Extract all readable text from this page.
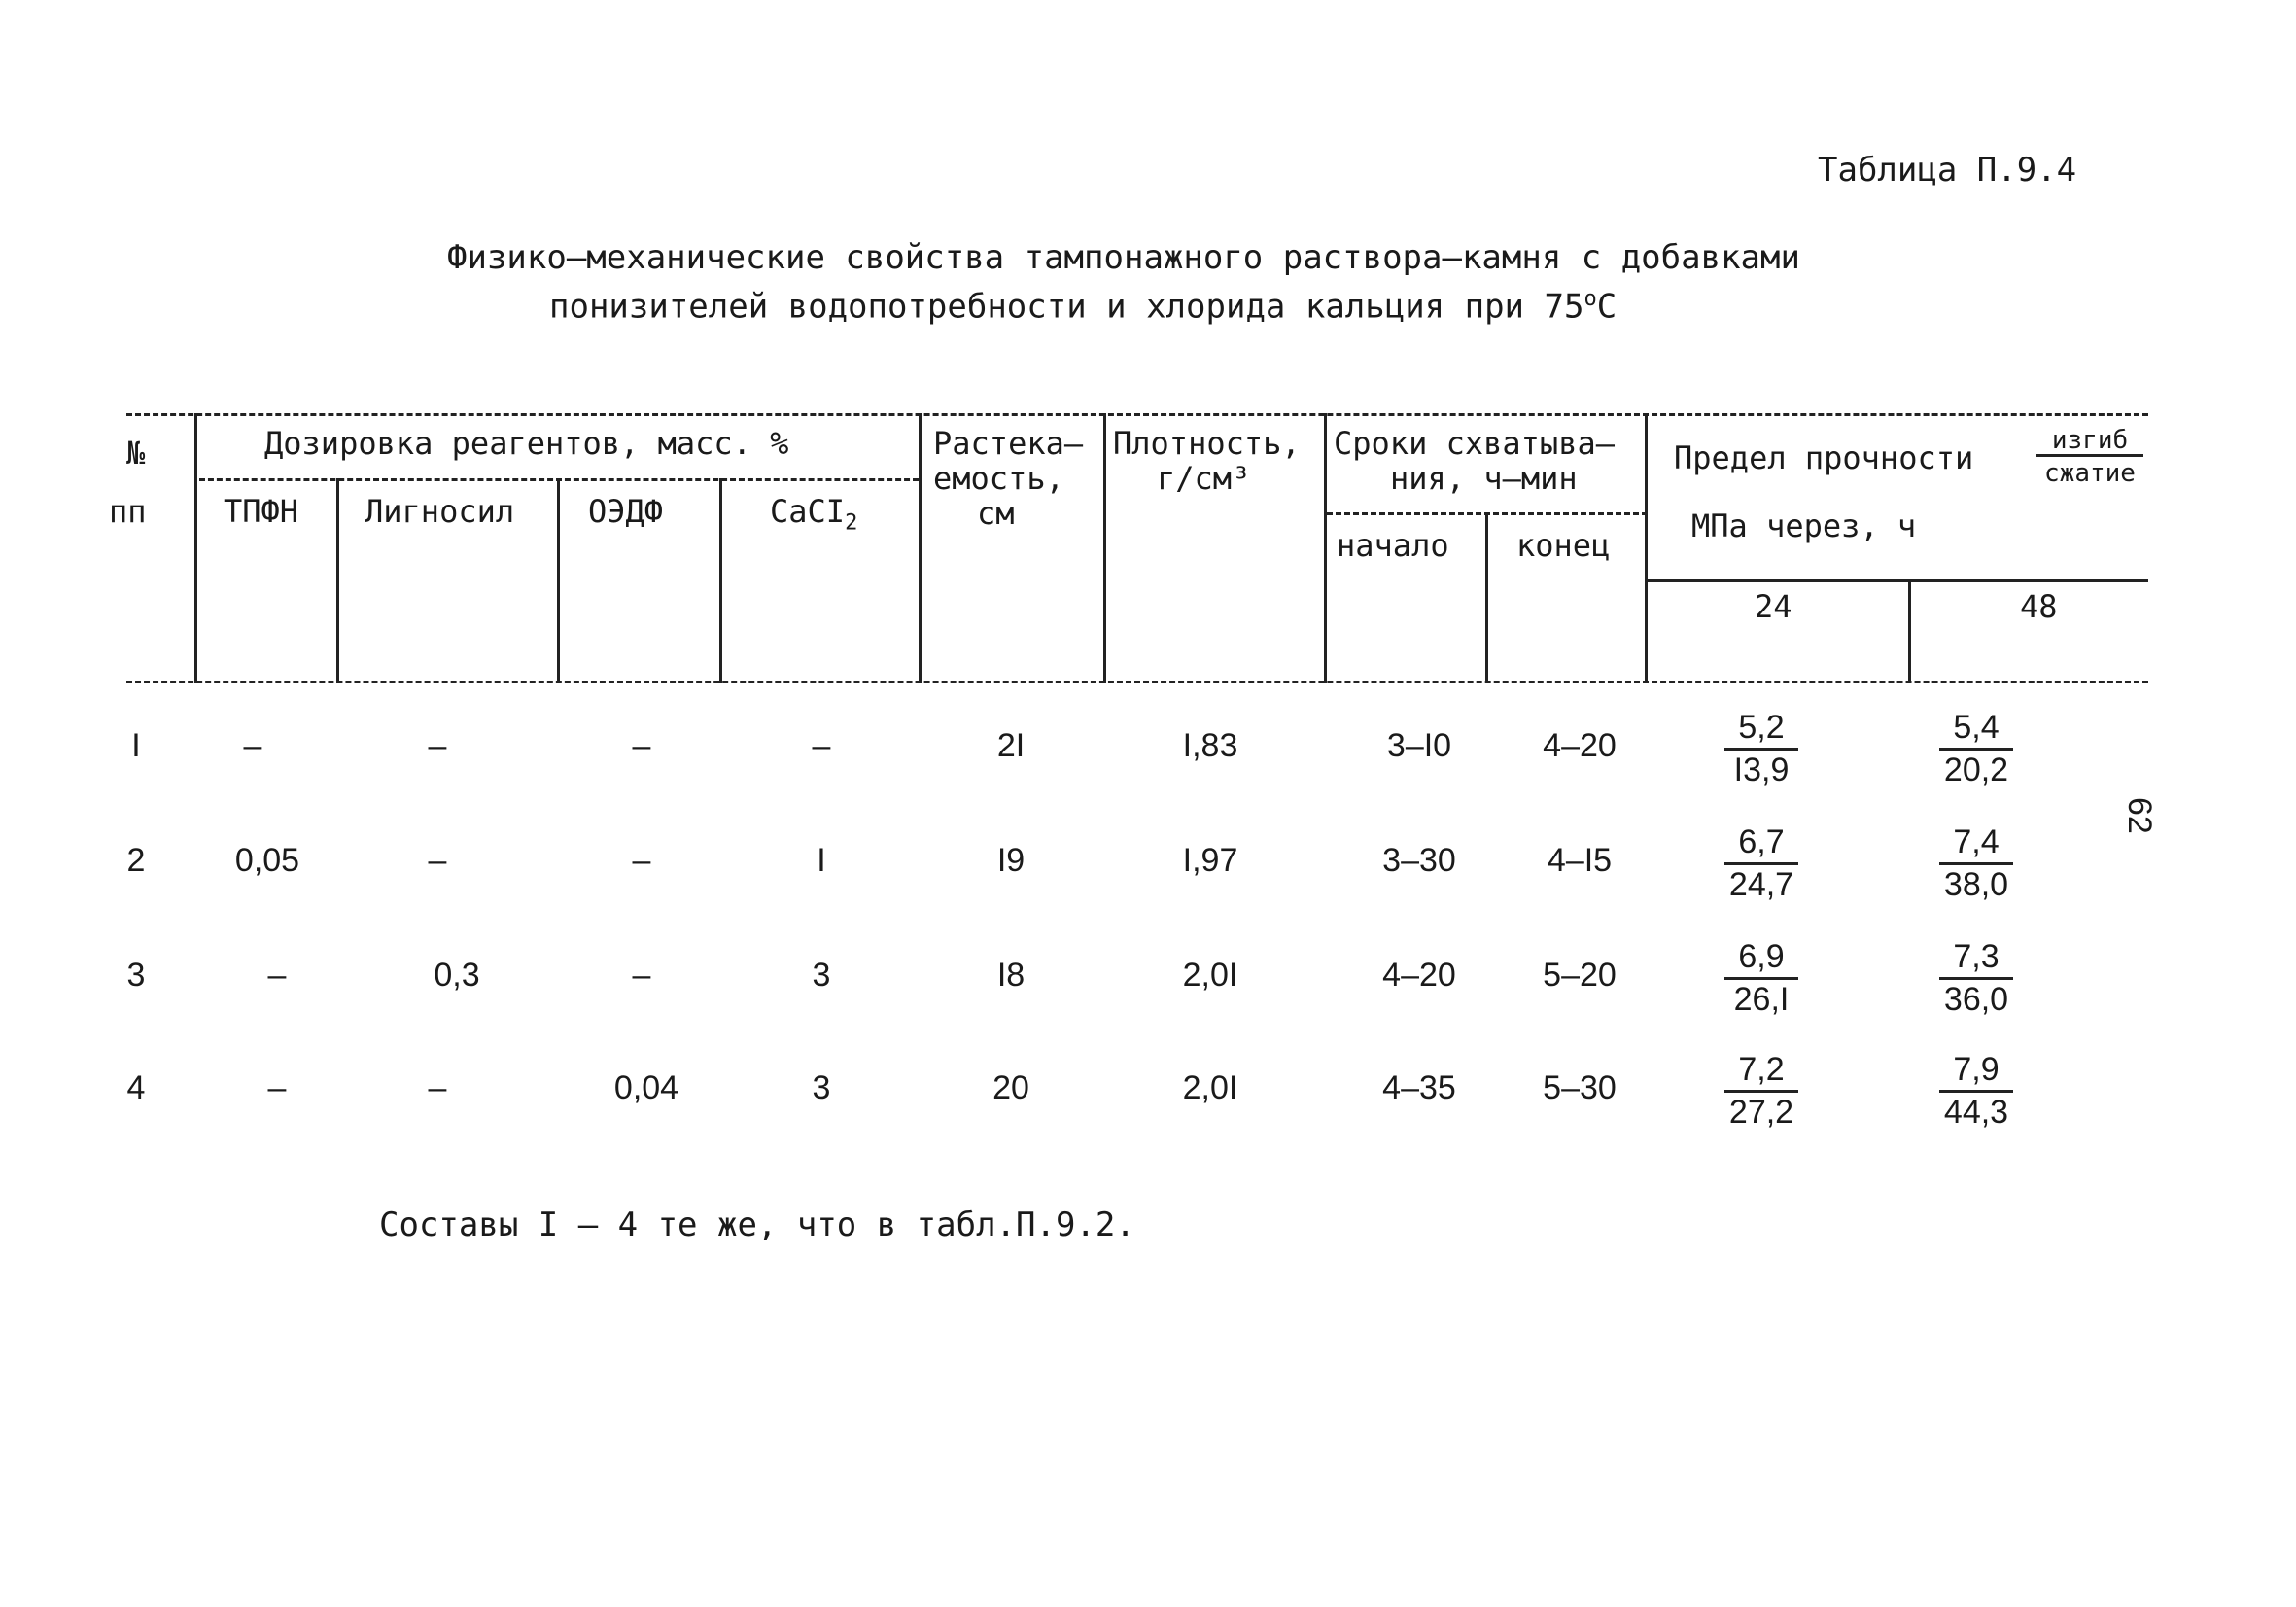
Таблица П.9.4
Физико–механические свойства тампонажного раствора–камня с добавками
понизителей водопотребности и хлорида кальция при $75^оС$
№
пп
Дозировка реагентов, масс. %
ТПФН Лигносил ОЭДФ	CaCI$_2$
Растека–
емость,
см
Плотность,
г/см³
Сроки схватыва–
ния, ч–мин
начало конец
Предел прочности	изгиб
сжатие
МПа через, ч
24	48
I	–	–	–	–	2I	I,83	3–I0	4–20	$\frac{5,2}{I3,9}$	$\frac{5,4}{20,2}$
2	0,05	–	–	I	I9	I,97	3–30	4–I5	$\frac{6,7}{24,7}$	$\frac{7,4}{38,0}$
3	–	0,3	–	3	I8	2,0I	4–20	5–20	$\frac{6,9}{26,I}$	$\frac{7,3}{36,0}$
4	–	–	0,04	3	20	2,0I	4–35	5–30	$\frac{7,2}{27,2}$	$\frac{7,9}{44,3}$
62
Составы I – 4 те же, что в табл.П.9.2.
